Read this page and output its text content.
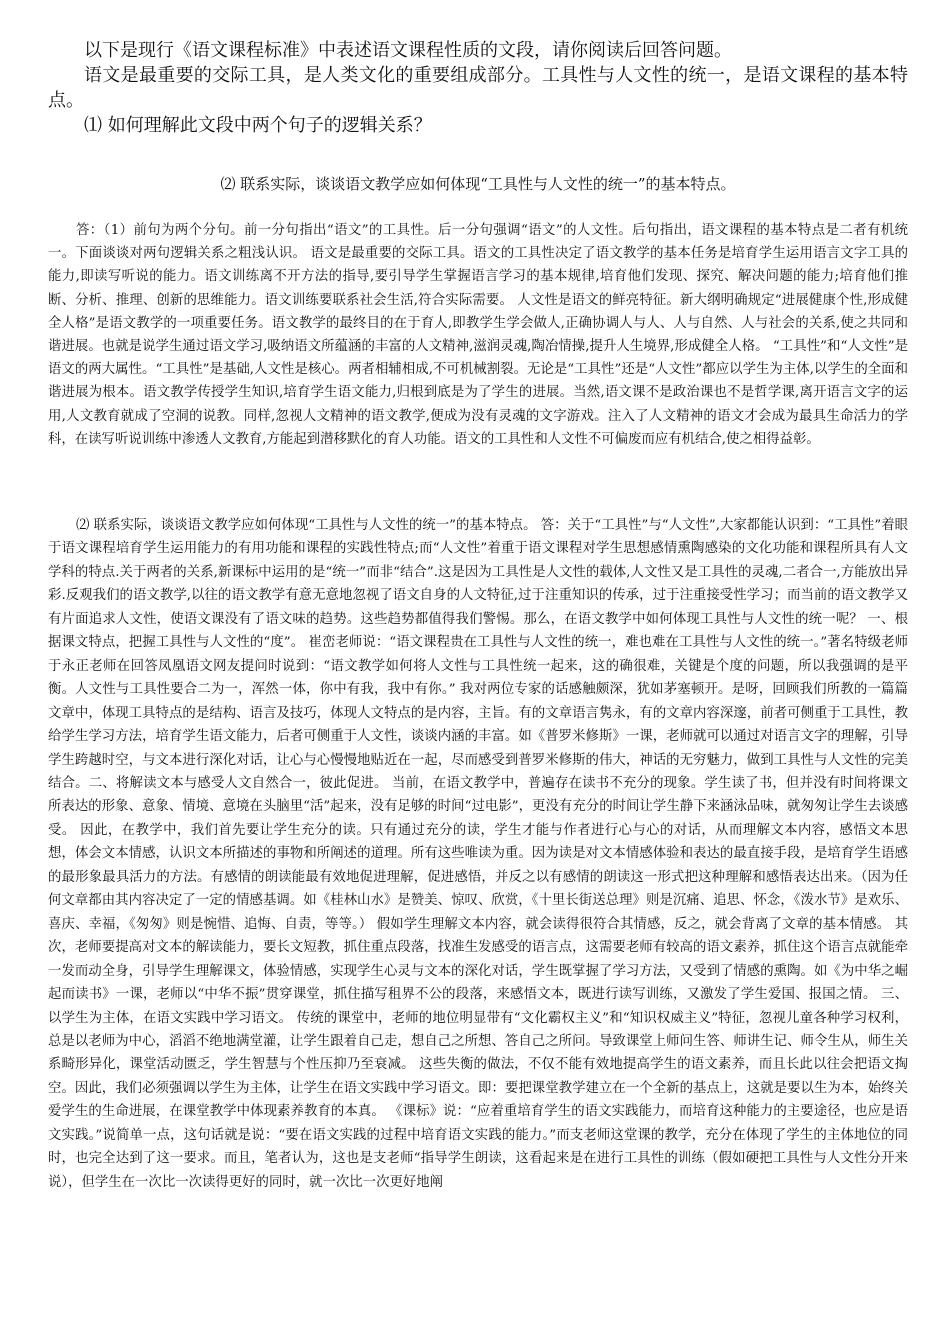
以下是现行《语文课程标准》中表述语文课程性质的文段，请你阅读后回答问题。

语文是最重要的交际工具，是人类文化的重要组成部分。工具性与人文性的统一，是语文课程的基本特点。

⑴ 如何理解此文段中两个句子的逻辑关系？

⑵ 联系实际，谈谈语文教学应如何体现“工具性与人文性的统一”的基本特点。

答：（1）前句为两个分句。前一分句指出“语文”的工具性。后一分句强调“语文”的人文性。后句指出，语文课程的基本特点是二者有机统一。下面谈谈对两句逻辑关系之粗浅认识。 语文是最重要的交际工具。语文的工具性决定了语文教学的基本任务是培育学生运用语言文字工具的能力,即读写听说的能力。语文训练离不开方法的指导,要引导学生掌握语言学习的基本规律,培育他们发现、探究、解决问题的能力;培育他们推断、分析、推理、创新的思维能力。语文训练要联系社会生活,符合实际需要。 人文性是语文的鲜亮特征。新大纲明确规定“进展健康个性,形成健全人格”是语文教学的一项重要任务。语文教学的最终目的在于育人,即教学生学会做人,正确协调人与人、人与自然、人与社会的关系,使之共同和谐进展。也就是说学生通过语文学习,吸纳语文所蕴涵的丰富的人文精神,滋润灵魂,陶冶情操,提升人生境界,形成健全人格。 “工具性”和“人文性”是语文的两大属性。“工具性”是基础,人文性是核心。两者相辅相成,不可机械割裂。无论是“工具性”还是“人文性”都应以学生为主体,以学生的全面和谐进展为根本。语文教学传授学生知识,培育学生语文能力,归根到底是为了学生的进展。当然,语文课不是政治课也不是哲学课,离开语言文字的运用,人文教育就成了空洞的说教。同样,忽视人文精神的语文教学,便成为没有灵魂的文字游戏。注入了人文精神的语文才会成为最具生命活力的学科，在读写听说训练中渗透人文教育,方能起到潜移默化的育人功能。语文的工具性和人文性不可偏废而应有机结合,使之相得益彰。

⑵ 联系实际，谈谈语文教学应如何体现“工具性与人文性的统一”的基本特点。 答：关于“工具性”与“人文性”,大家都能认识到：“工具性”着眼于语文课程培育学生运用能力的有用功能和课程的实践性特点;而“人文性”着重于语文课程对学生思想感情熏陶感染的文化功能和课程所具有人文学科的特点.关于两者的关系,新课标中运用的是“统一”而非“结合”.这是因为工具性是人文性的载体,人文性又是工具性的灵魂,二者合一,方能放出异彩.反观我们的语文教学,以往的语文教学有意无意地忽视了语文自身的人文特征,过于注重知识的传承，过于注重接受性学习；而当前的语文教学又有片面追求人文性，使语文课没有了语文味的趋势。这些趋势都值得我们警惕。那么，在语文教学中如何体现工具性与人文性的统一呢？ 一、根据课文特点，把握工具性与人文性的“度”。 崔峦老师说：“语文课程贵在工具性与人文性的统一，难也难在工具性与人文性的统一。”著名特级老师于永正老师在回答凤凰语文网友提问时说到：“语文教学如何将人文性与工具性统一起来，这的确很难，关键是个度的问题，所以我强调的是平衡。人文性与工具性要合二为一，浑然一体，你中有我，我中有你。” 我对两位专家的话感触颇深，犹如茅塞顿开。是呀，回顾我们所教的一篇篇文章中，体现工具特点的是结构、语言及技巧，体现人文特点的是内容，主旨。有的文章语言隽永，有的文章内容深邃，前者可侧重于工具性，教给学生学习方法，培育学生语文能力，后者可侧重于人文性，谈谈内涵的丰富。如《普罗米修斯》一课，老师就可以通过对语言文字的理解，引导学生跨越时空，与文本进行深化对话，让心与心慢慢地贴近在一起，尽而感受到普罗米修斯的伟大，神话的无穷魅力，做到工具性与人文性的完美结合。二、将解读文本与感受人文自然合一，彼此促进。 当前，在语文教学中，普遍存在读书不充分的现象。学生读了书，但并没有时间将课文所表达的形象、意象、情境、意境在头脑里“活”起来，没有足够的时间“过电影”，更没有充分的时间让学生静下来涵泳品味，就匆匆让学生去谈感受。 因此，在教学中，我们首先要让学生充分的读。只有通过充分的读，学生才能与作者进行心与心的对话，从而理解文本内容，感悟文本思想，体会文本情感，认识文本所描述的事物和所阐述的道理。所有这些唯读为重。因为读是对文本情感体验和表达的最直接手段，是培育学生语感的最形象最具活力的方法。有感情的朗读能最有效地促进理解，促进感悟，并反之以有感情的朗读这一形式把这种理解和感悟表达出来。（因为任何文章都由其内容决定了一定的情感基调。如《桂林山水》是赞美、惊叹、欣赏，《十里长街送总理》则是沉痛、追思、怀念，《泼水节》是欢乐、喜庆、幸福，《匆匆》则是惋惜、追悔、自责，等等。） 假如学生理解文本内容，就会读得很符合其情感，反之，就会背离了文章的基本情感。 其次，老师要提高对文本的解读能力，要长文短教，抓住重点段落，找准生发感受的语言点，这需要老师有较高的语文素养，抓住这个语言点就能牵一发而动全身，引导学生理解课文，体验情感，实现学生心灵与文本的深化对话，学生既掌握了学习方法，又受到了情感的熏陶。如《为中华之崛起而读书》一课，老师以“中华不振”贯穿课堂，抓住描写租界不公的段落，来感悟文本，既进行读写训练，又激发了学生爱国、报国之情。 三、以学生为主体，在语文实践中学习语文。 传统的课堂中，老师的地位明显带有“文化霸权主义”和“知识权威主义”特征，忽视儿童各种学习权利，总是以老师为中心，滔滔不绝地满堂灌，让学生跟着自己走，想自己之所想、答自己之所问。导致课堂上师问生答、师讲生记、师令生从，师生关系畸形异化，课堂活动匮乏，学生智慧与个性压抑乃至衰减。 这些失衡的做法，不仅不能有效地提高学生的语文素养，而且长此以往会把语文掏空。因此，我们必须强调以学生为主体，让学生在语文实践中学习语文。即：要把课堂教学建立在一个全新的基点上，这就是要以生为本，始终关爱学生的生命进展，在课堂教学中体现素养教育的本真。 《课标》说：“应着重培育学生的语文实践能力，而培育这种能力的主要途径，也应是语文实践。”说简单一点，这句话就是说：“要在语文实践的过程中培育语文实践的能力。”而支老师这堂课的教学，充分在体现了学生的主体地位的同时，也完全达到了这一要求。而且，笔者认为，这也是支老师“指导学生朗读，这看起来是在进行工具性的训练（假如硬把工具性与人文性分开来说），但学生在一次比一次读得更好的同时，就一次比一次更好地阐
